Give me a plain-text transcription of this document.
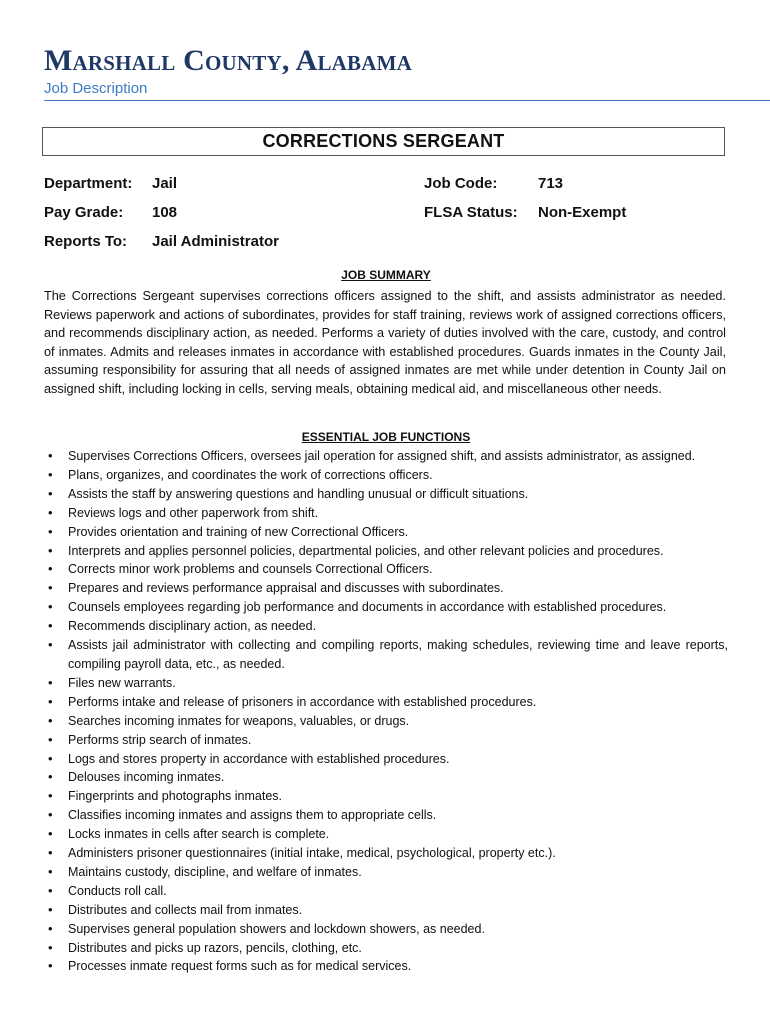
Marshall County, Alabama
Job Description
CORRECTIONS SERGEANT
Department: Jail
Pay Grade: 108
Reports To: Jail Administrator
Job Code:	713
FLSA Status: Non-Exempt
JOB SUMMARY

The Corrections Sergeant supervises corrections officers assigned to the shift, and assists administrator as needed. Reviews paperwork and actions of subordinates, provides for staff training, reviews work of assigned corrections officers, and recommends disciplinary action, as needed. Performs a variety of duties involved with the care, custody, and control of inmates. Admits and releases inmates in accordance with established procedures. Guards inmates in the County Jail, assuming responsibility for assuring that all needs of assigned inmates are met while under detention in County Jail on assigned shift, including locking in cells, serving meals, obtaining medical aid, and miscellaneous other needs.

ESSENTIAL JOB FUNCTIONS
• Supervises Corrections Officers, oversees jail operation for assigned shift, and assists administrator, as assigned.
• Plans, organizes, and coordinates the work of corrections officers.
• Assists the staff by answering questions and handling unusual or difficult situations.
• Reviews logs and other paperwork from shift.
• Provides orientation and training of new Correctional Officers.
• Interprets and applies personnel policies, departmental policies, and other relevant policies and procedures.
• Corrects minor work problems and counsels Correctional Officers.
• Prepares and reviews performance appraisal and discusses with subordinates.
• Counsels employees regarding job performance and documents in accordance with established procedures.
• Recommends disciplinary action, as needed.
• Assists jail administrator with collecting and compiling reports, making schedules, reviewing time and leave reports, compiling payroll data, etc., as needed.
• Files new warrants.
• Performs intake and release of prisoners in accordance with established procedures.
• Searches incoming inmates for weapons, valuables, or drugs.
• Performs strip search of inmates.
• Logs and stores property in accordance with established procedures.
• Delouses incoming inmates.
• Fingerprints and photographs inmates.
• Classifies incoming inmates and assigns them to appropriate cells.
• Locks inmates in cells after search is complete.
• Administers prisoner questionnaires (initial intake, medical, psychological, property etc.).
• Maintains custody, discipline, and welfare of inmates.
• Conducts roll call.
• Distributes and collects mail from inmates.
• Supervises general population showers and lockdown showers, as needed.
• Distributes and picks up razors, pencils, clothing, etc.
• Processes inmate request forms such as for medical services.
